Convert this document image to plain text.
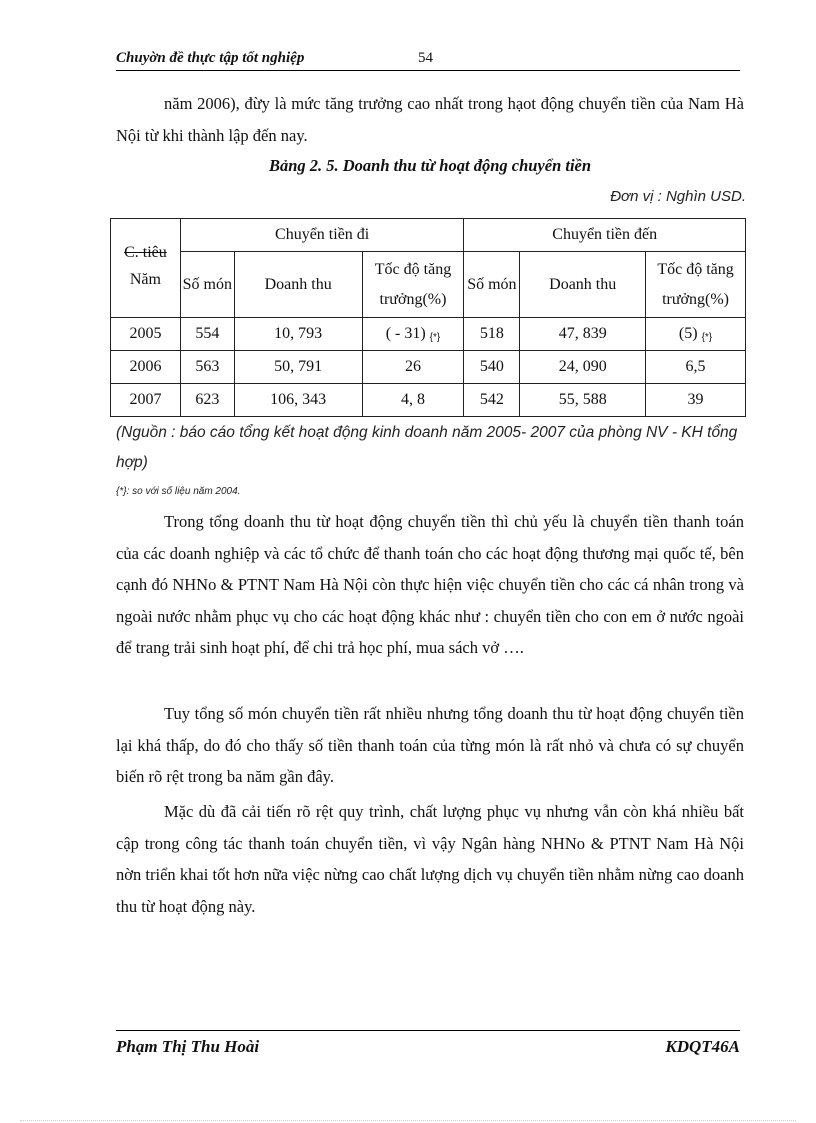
Chuyờn đề thực tập tốt nghiệp	54

năm 2006), đừy là mức tăng trưởng cao nhất trong hạot động chuyển tiền của Nam Hà Nội từ khi thành lập đến nay.

Bảng 2. 5. Doanh thu từ hoạt động chuyển tiền
Đơn vị : Nghìn USD.
C. tiêu
Năm	Chuyển tiền đi			Chuyển tiền đến		
	Số món	Doanh thu	Tốc độ tăng trưởng(%)	Số món	Doanh thu	Tốc độ tăng trưởng(%)
2005	554	10, 793	( - 31) {*}	518	47, 839	(5) {*}
2006	563	50, 791	26	540	24, 090	6,5
2007	623	106, 343	4, 8	542	55, 588	39
(Nguồn : báo cáo tổng kết hoạt động kinh doanh năm 2005- 2007 của phòng NV - KH tổng hợp)
{*}: so với số liệu năm 2004.

Trong tổng doanh thu từ hoạt động chuyển tiền thì chủ yếu là chuyển tiền thanh toán của các doanh nghiệp và các tổ chức để thanh toán cho các hoạt động thương mại quốc tế, bên cạnh đó NHNo & PTNT Nam Hà Nội còn thực hiện việc chuyển tiền cho các cá nhân trong và ngoài nước nhằm phục vụ cho các hoạt động khác như : chuyển tiền cho con em ở nước ngoài để trang trải sinh hoạt phí, để chi trả học phí, mua sách vở ….

Tuy tổng số món chuyển tiền rất nhiều nhưng tổng doanh thu từ hoạt động chuyển tiền lại khá thấp, do đó cho thấy số tiền thanh toán của từng món là rất nhỏ và chưa có sự chuyển biến rõ rệt trong ba năm gần đây.

Mặc dù đã cải tiến rõ rệt quy trình, chất lượng phục vụ nhưng vẫn còn khá nhiều bất cập trong công tác thanh toán chuyển tiền, vì vậy Ngân hàng NHNo & PTNT Nam Hà Nội nờn triển khai tốt hơn nữa việc nừng cao chất lượng dịch vụ chuyển tiền nhằm nừng cao doanh thu từ hoạt động này.

Phạm Thị Thu Hoài	KDQT46A
